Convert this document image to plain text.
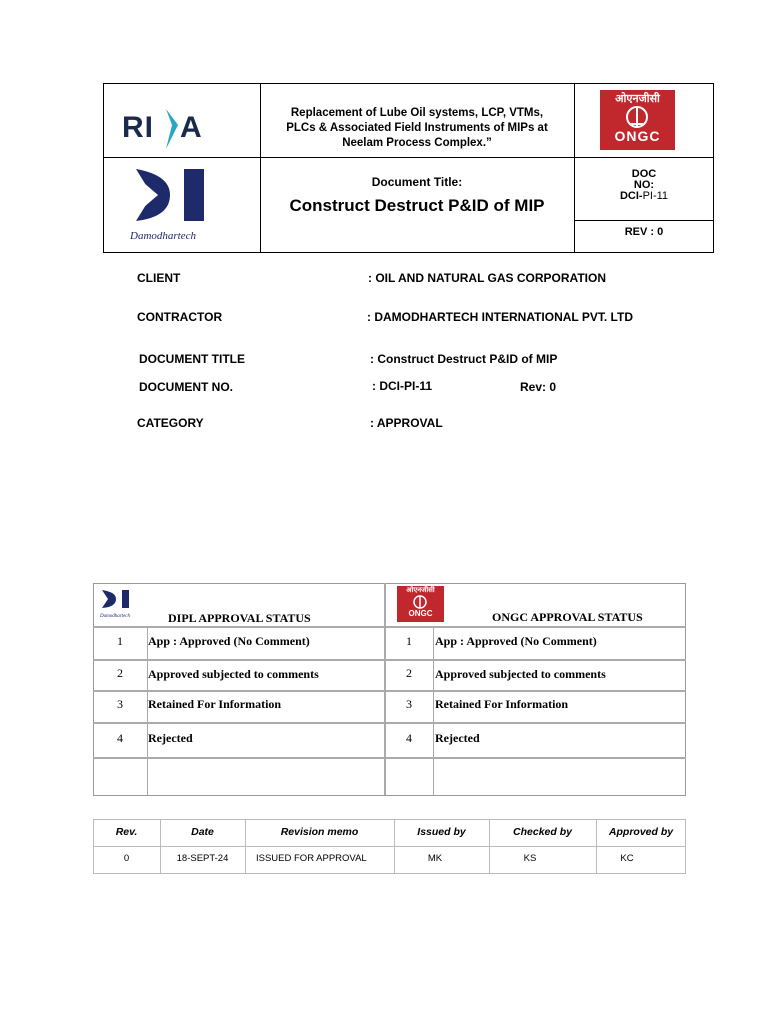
RI A	Replacement of Lube Oil systems, LCP, VTMs,
PLCs & Associated Field Instruments of MIPs at
Neelam Process Complex.”
ओएनजीसी
ONGC
Damodhartech
Document Title:
Construct Destruct P&ID of MIP
DOC
NO:
DCI-PI-11
REV : 0
CLIENT	: OIL AND NATURAL GAS CORPORATION
CONTRACTOR	: DAMODHARTECH INTERNATIONAL PVT. LTD
DOCUMENT TITLE	: Construct Destruct P&ID of MIP
DOCUMENT NO.	: DCI-PI-11	Rev: 0
CATEGORY	: APPROVAL
Damodhartech	DIPL APPROVAL STATUS
ओएनजीसी
ONGC	ONGC APPROVAL STATUS
1	App : Approved (No Comment)
2	Approved subjected to comments
3	Retained For Information
4	Rejected
1	App : Approved (No Comment)
2	Approved subjected to comments
3	Retained For Information
4	Rejected
Rev.	Date	Revision memo	Issued by	Checked by	Approved by
0	18-SEPT-24	ISSUED FOR APPROVAL	MK	KS	KC
